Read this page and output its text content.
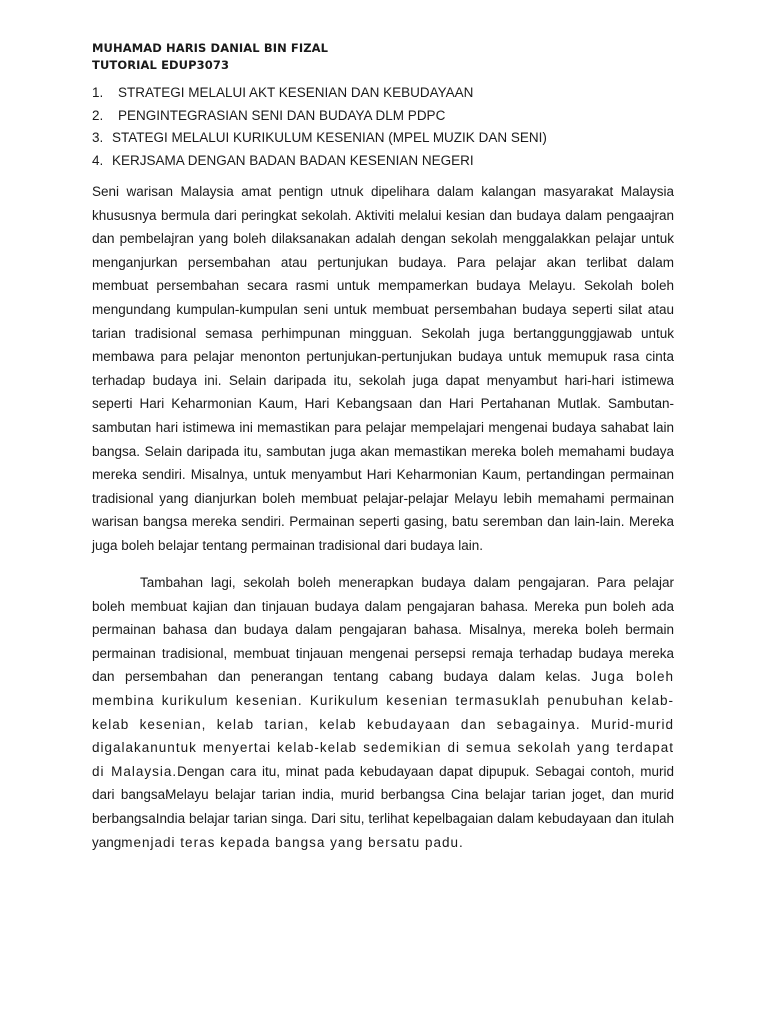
MUHAMAD HARIS DANIAL BIN FIZAL
TUTORIAL EDUP3073
1.	STRATEGI MELALUI AKT KESENIAN DAN KEBUDAYAAN
2.	PENGINTEGRASIAN SENI DAN BUDAYA DLM PDPC
3. STATEGI MELALUI KURIKULUM KESENIAN (MPEL MUZIK DAN SENI)
4. KERJSAMA DENGAN BADAN BADAN KESENIAN NEGERI

Seni warisan Malaysia amat pentign utnuk dipelihara dalam kalangan masyarakat Malaysia khususnya bermula dari peringkat sekolah. Aktiviti melalui kesian dan budaya dalam pengaajran dan pembelajran yang boleh dilaksanakan adalah dengan sekolah menggalakkan pelajar untuk menganjurkan persembahan atau pertunjukan budaya. Para pelajar akan terlibat dalam membuat persembahan secara rasmi untuk mempamerkan budaya Melayu. Sekolah boleh mengundang kumpulan-kumpulan seni untuk membuat persembahan budaya seperti silat atau tarian tradisional semasa perhimpunan mingguan. Sekolah juga bertanggunggjawab untuk membawa para pelajar menonton pertunjukan-pertunjukan budaya untuk memupuk rasa cinta terhadap budaya ini. Selain daripada itu, sekolah juga dapat menyambut hari-hari istimewa seperti Hari Keharmonian Kaum, Hari Kebangsaan dan Hari Pertahanan Mutlak. Sambutan-sambutan hari istimewa ini memastikan para pelajar mempelajari mengenai budaya sahabat lain bangsa. Selain daripada itu, sambutan juga akan memastikan mereka boleh memahami budaya mereka sendiri. Misalnya, untuk menyambut Hari Keharmonian Kaum, pertandingan permainan tradisional yang dianjurkan boleh membuat pelajar-pelajar Melayu lebih memahami permainan warisan bangsa mereka sendiri. Permainan seperti gasing, batu seremban dan lain-lain. Mereka juga boleh belajar tentang permainan tradisional dari budaya lain.

Tambahan lagi, sekolah boleh menerapkan budaya dalam pengajaran. Para pelajar boleh membuat kajian dan tinjauan budaya dalam pengajaran bahasa. Mereka pun boleh ada permainan bahasa dan budaya dalam pengajaran bahasa. Misalnya, mereka boleh bermain permainan tradisional, membuat tinjauan mengenai persepsi remaja terhadap budaya mereka dan persembahan dan penerangan tentang cabang budaya dalam kelas. Juga boleh membina kurikulum kesenian. Kurikulum kesenian termasuklah penubuhan kelab-kelab kesenian, kelab tarian, kelab kebudayaan dan sebagainya. Murid-murid digalakanuntuk menyertai kelab-kelab sedemikian di semua sekolah yang terdapat di Malaysia.Dengan cara itu, minat pada kebudayaan dapat dipupuk. Sebagai contoh, murid dari bangsaMelayu belajar tarian india, murid berbangsa Cina belajar tarian joget, dan murid berbangsaIndia belajar tarian singa. Dari situ, terlihat kepelbagaian dalam kebudayaan dan itulah yangmenjadi teras kepada bangsa yang bersatu padu.
